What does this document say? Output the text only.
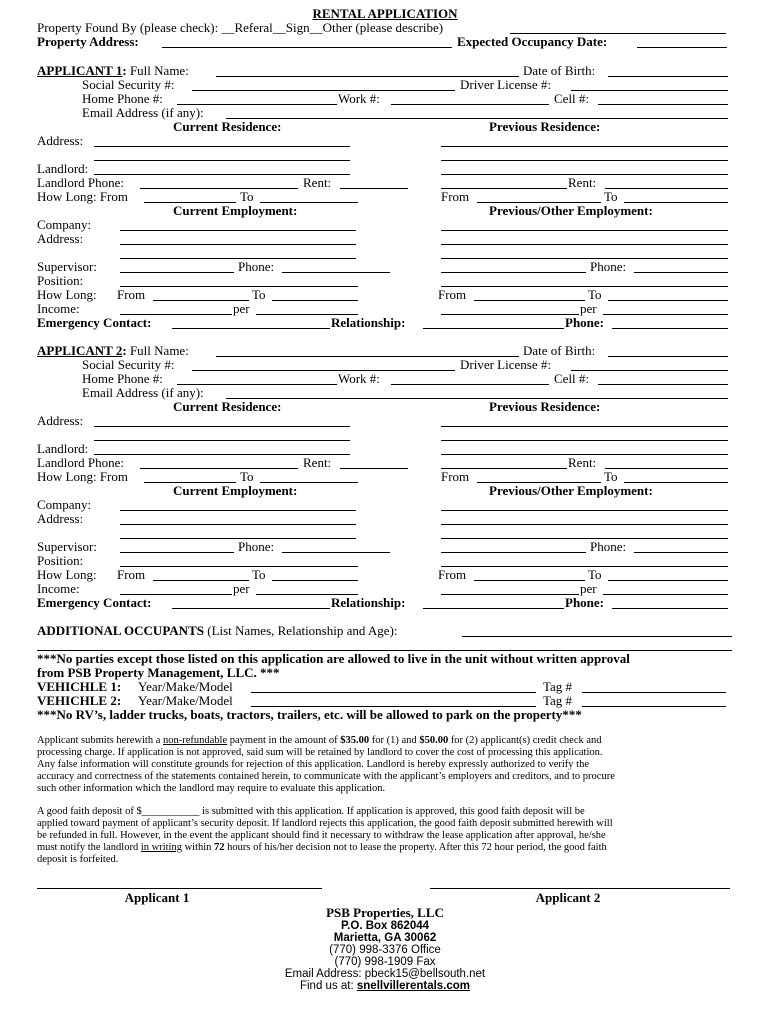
RENTAL APPLICATION
Property Found By (please check): __Referal__Sign__Other (please describe)
Property Address:	Expected Occupancy Date:
APPLICANT 1: Full Name:	Date of Birth:
Social Security #:	Driver License #:
Home Phone #:	Work #:	Cell #:
Email Address (if any):
Current Residence:	Previous Residence:
Address:
Landlord:
Landlord Phone:	Rent:	Rent:
How Long: From	To	From	To
Current Employment:	Previous/Other Employment:
Company:
Address:
Supervisor:	Phone:	Phone:
Position:
How Long: From	To	From	To
Income:	per	per
Emergency Contact:	Relationship:	Phone:
APPLICANT 2: Full Name:	Date of Birth:
Social Security #:	Driver License #:
Home Phone #:	Work #:	Cell #:
Email Address (if any):
Current Residence:	Previous Residence:
Address:
Landlord:
Landlord Phone:	Rent:	Rent:
How Long: From	To	From	To
Current Employment:	Previous/Other Employment:
Company:
Address:
Supervisor:	Phone:	Phone:
Position:
How Long: From	To	From	To
Income:	per	per
Emergency Contact:	Relationship:	Phone:
ADDITIONAL OCCUPANTS (List Names, Relationship and Age):
***No parties except those listed on this application are allowed to live in the unit without written approval
from PSB Property Management, LLC. ***
VEHICHLE 1: Year/Make/Model	Tag #
VEHICHLE 2: Year/Make/Model	Tag #
***No RV’s, ladder trucks, boats, tractors, trailers, etc. will be allowed to park on the property***
Applicant submits herewith a non-refundable payment in the amount of $35.00 for (1) and $50.00 for (2) applicant(s) credit check and
processing charge. If application is not approved, said sum will be retained by landlord to cover the cost of processing this application.
Any false information will constitute grounds for rejection of this application. Landlord is hereby expressly authorized to verify the
accuracy and correctness of the statements contained herein, to communicate with the applicant’s employers and creditors, and to procure
such other information which the landlord may require to evaluate this application.
A good faith deposit of $___________ is submitted with this application. If application is approved, this good faith deposit will be
applied toward payment of applicant’s security deposit. If landlord rejects this application, the good faith deposit submitted herewith will
be refunded in full. However, in the event the applicant should find it necessary to withdraw the lease application after approval, he/she
must notify the landlord in writing within 72 hours of his/her decision not to lease the property. After this 72 hour period, the good faith
deposit is forfeited.
Applicant 1	Applicant 2
PSB Properties, LLC
P.O. Box 862044
Marietta, GA 30062
(770) 998-3376 Office
(770) 998-1909 Fax
Email Address: pbeck15@bellsouth.net
Find us at: snellvillerentals.com
